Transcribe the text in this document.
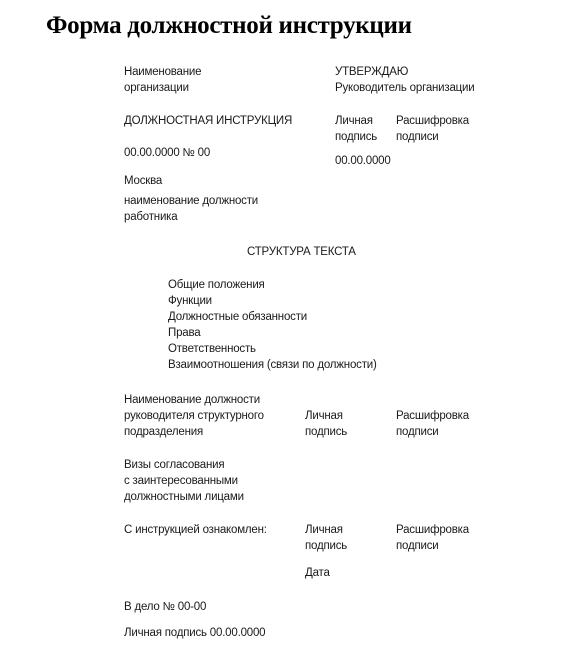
Форма должностной инструкции
Наименование
организации
УТВЕРЖДАЮ
Руководитель организации
Личная
подпись
Расшифровка
подписи
00.00.0000
ДОЛЖНОСТНАЯ ИНСТРУКЦИЯ
00.00.0000 № 00
Москва
наименование должности
работника
СТРУКТУРА ТЕКСТА
Общие положения
Функции
Должностные обязанности
Права
Ответственность
Взаимоотношения (связи по должности)
Наименование должности
руководителя структурного
подразделения
Личная
подпись
Расшифровка
подписи
Визы согласования
с заинтересованными
должностными лицами
С инструкцией ознакомлен:	Личная
подпись
Расшифровка
подписи
Дата
В дело № 00-00
Личная подпись 00.00.0000
